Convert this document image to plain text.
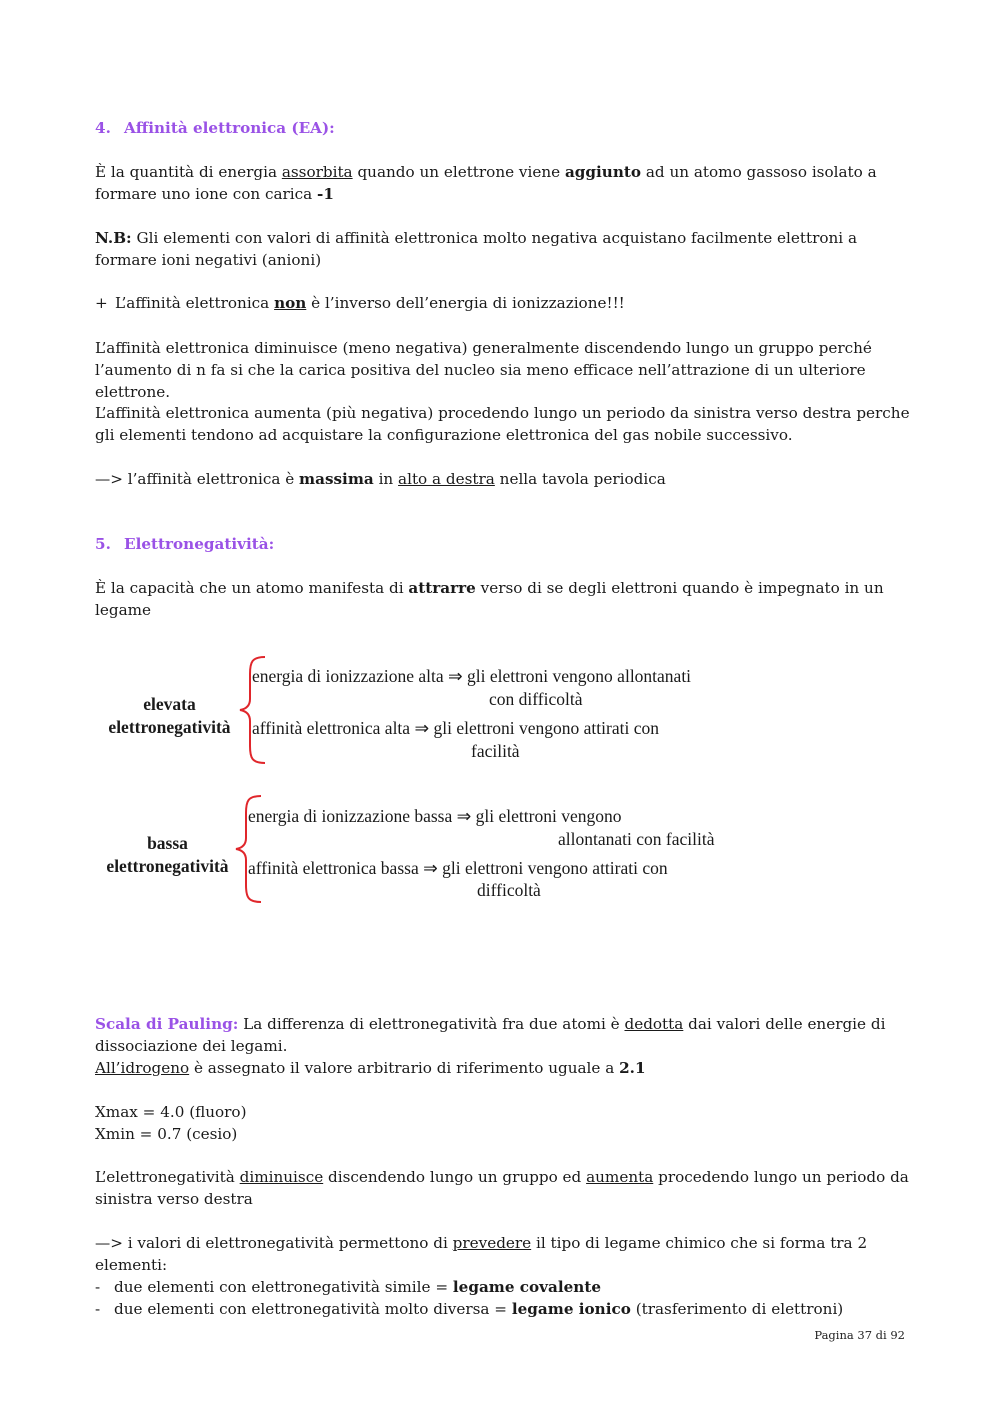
4. Affinità elettronica (EA):

È la quantità di energia assorbita quando un elettrone viene aggiunto ad un atomo gassoso isolato a formare uno ione con carica -1

N.B: Gli elementi con valori di affinità elettronica molto negativa acquistano facilmente elettroni a formare ioni negativi (anioni)

+ L’affinità elettronica non è l’inverso dell’energia di ionizzazione!!!

L’affinità elettronica diminuisce (meno negativa) generalmente discendendo lungo un gruppo perché l’aumento di n fa si che la carica positiva del nucleo sia meno efficace nell’attrazione di un ulteriore elettrone.

L’affinità elettronica aumenta (più negativa) procedendo lungo un periodo da sinistra verso destra perche gli elementi tendono ad acquistare la configurazione elettronica del gas nobile successivo.

—> l’affinità elettronica è massima in alto a destra nella tavola periodica

5. Elettronegatività:

È la capacità che un atomo manifesta di attrarre verso di se degli elettroni quando è impegnato in un legame

elevata
elettronegatività
energia di ionizzazione alta ⇒ gli elettroni vengono allontanati
con difficoltà
affinità elettronica alta ⇒ gli elettroni vengono attirati con
facilità
bassa
elettronegatività
energia di ionizzazione bassa ⇒ gli elettroni vengono
allontanati con facilità
affinità elettronica bassa ⇒ gli elettroni vengono attirati con
difficoltà

Scala di Pauling: La differenza di elettronegatività fra due atomi è dedotta dai valori delle energie di dissociazione dei legami.
All’idrogeno è assegnato il valore arbitrario di riferimento uguale a 2.1

Xmax = 4.0 (fluoro)
Xmin = 0.7 (cesio)

L’elettronegatività diminuisce discendendo lungo un gruppo ed aumenta procedendo lungo un periodo da sinistra verso destra

—> i valori di elettronegatività permettono di prevedere il tipo di legame chimico che si forma tra 2 elementi:
- due elementi con elettronegatività simile = legame covalente
- due elementi con elettronegatività molto diversa = legame ionico (trasferimento di elettroni)
Pagina 37 di 92
